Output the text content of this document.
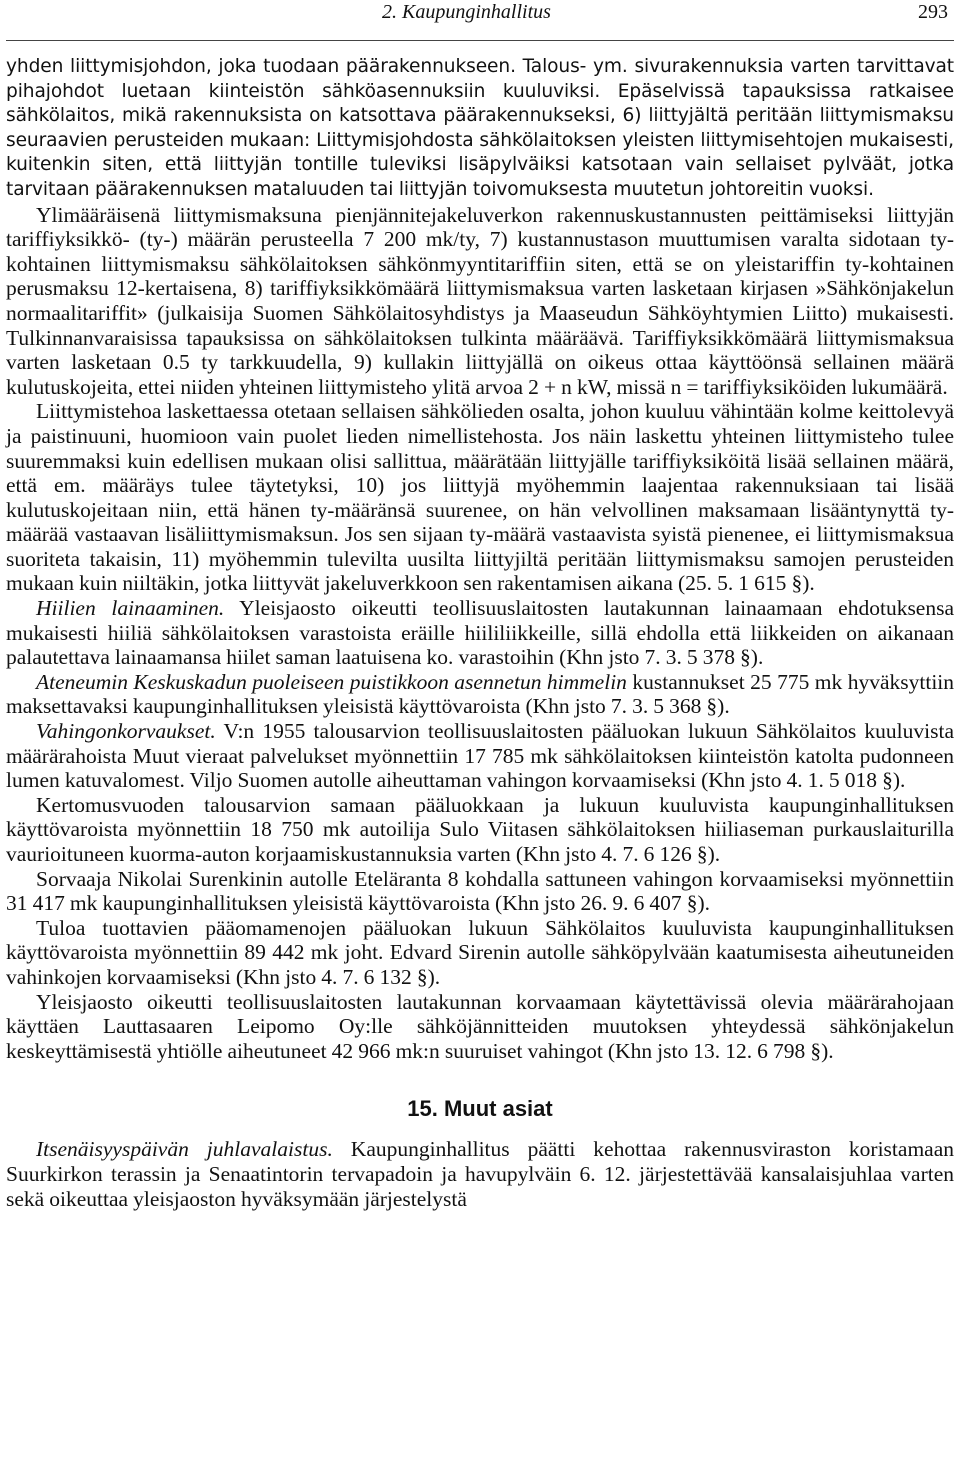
2. Kaupunginhallitus	293

yhden liittymisjohdon, joka tuodaan päärakennukseen. Talous- ym. sivurakennuksia varten tarvittavat pihajohdot luetaan kiinteistön sähköasennuksiin kuuluviksi. Epäselvissä tapauksissa ratkaisee sähkölaitos, mikä rakennuksista on katsottava päärakennukseksi, 6) liittyjältä peritään liittymismaksu seuraavien perusteiden mukaan: Liittymisjohdosta sähkölaitoksen yleisten liittymisehtojen mukaisesti, kuitenkin siten, että liittyjän tontille tuleviksi lisäpylväiksi katsotaan vain sellaiset pylväät, jotka tarvitaan päärakennuksen mataluuden tai liittyjän toivomuksesta muutetun johtoreitin vuoksi.

Ylimääräisenä liittymismaksuna pienjännitejakeluverkon rakennuskustannusten peittämiseksi liittyjän tariffiyksikkö- (ty-) määrän perusteella 7 200 mk/ty, 7) kustannustason muuttumisen varalta sidotaan ty-kohtainen liittymismaksu sähkölaitoksen sähkönmyyntitariffiin siten, että se on yleistariffin ty-kohtainen perusmaksu 12-kertaisena, 8) tariffiyksikkömäärä liittymismaksua varten lasketaan kirjasen »Sähkönjakelun normaalitariffit» (julkaisija Suomen Sähkölaitosyhdistys ja Maaseudun Sähköyhtymien Liitto) mukaisesti. Tulkinnanvaraisissa tapauksissa on sähkölaitoksen tulkinta määräävä. Tariffiyksikkömäärä liittymismaksua varten lasketaan 0.5 ty tarkkuudella, 9) kullakin liittyjällä on oikeus ottaa käyttöönsä sellainen määrä kulutuskojeita, ettei niiden yhteinen liittymisteho ylitä arvoa 2 + n kW, missä n = tariffiyksiköiden lukumäärä.

Liittymistehoa laskettaessa otetaan sellaisen sähkölieden osalta, johon kuuluu vähintään kolme keittolevyä ja paistinuuni, huomioon vain puolet lieden nimellistehosta. Jos näin laskettu yhteinen liittymisteho tulee suuremmaksi kuin edellisen mukaan olisi sallittua, määrätään liittyjälle tariffiyksiköitä lisää sellainen määrä, että em. määräys tulee täytetyksi, 10) jos liittyjä myöhemmin laajentaa rakennuksiaan tai lisää kulutuskojeitaan niin, että hänen ty-määränsä suurenee, on hän velvollinen maksamaan lisääntynyttä ty-määrää vastaavan lisäliittymismaksun. Jos sen sijaan ty-määrä vastaavista syistä pienenee, ei liittymismaksua suoriteta takaisin, 11) myöhemmin tulevilta uusilta liittyjiltä peritään liittymismaksu samojen perusteiden mukaan kuin niiltäkin, jotka liittyvät jakeluverkkoon sen rakentamisen aikana (25. 5. 1 615 §).

Hiilien lainaaminen. Yleisjaosto oikeutti teollisuuslaitosten lautakunnan lainaamaan ehdotuksensa mukaisesti hiiliä sähkölaitoksen varastoista eräille hiililiikkeille, sillä ehdolla että liikkeiden on aikanaan palautettava lainaamansa hiilet saman laatuisena ko. varastoihin (Khn jsto 7. 3. 5 378 §).

Ateneumin Keskuskadun puoleiseen puistikkoon asennetun himmelin kustannukset 25 775 mk hyväksyttiin maksettavaksi kaupunginhallituksen yleisistä käyttövaroista (Khn jsto 7. 3. 5 368 §).

Vahingonkorvaukset. V:n 1955 talousarvion teollisuuslaitosten pääluokan lukuun Sähkölaitos kuuluvista määrärahoista Muut vieraat palvelukset myönnettiin 17 785 mk sähkölaitoksen kiinteistön katolta pudonneen lumen katuvalomest. Viljo Suomen autolle aiheuttaman vahingon korvaamiseksi (Khn jsto 4. 1. 5 018 §).

Kertomusvuoden talousarvion samaan pääluokkaan ja lukuun kuuluvista kaupunginhallituksen käyttövaroista myönnettiin 18 750 mk autoilija Sulo Viitasen sähkölaitoksen hiiliaseman purkauslaiturilla vaurioituneen kuorma-auton korjaamiskustannuksia varten (Khn jsto 4. 7. 6 126 §).

Sorvaaja Nikolai Surenkinin autolle Eteläranta 8 kohdalla sattuneen vahingon korvaamiseksi myönnettiin 31 417 mk kaupunginhallituksen yleisistä käyttövaroista (Khn jsto 26. 9. 6 407 §).

Tuloa tuottavien pääomamenojen pääluokan lukuun Sähkölaitos kuuluvista kaupunginhallituksen käyttövaroista myönnettiin 89 442 mk joht. Edvard Sirenin autolle sähköpylvään kaatumisesta aiheutuneiden vahinkojen korvaamiseksi (Khn jsto 4. 7. 6 132 §).

Yleisjaosto oikeutti teollisuuslaitosten lautakunnan korvaamaan käytettävissä olevia määrärahojaan käyttäen Lauttasaaren Leipomo Oy:lle sähköjännitteiden muutoksen yhteydessä sähkönjakelun keskeyttämisestä yhtiölle aiheutuneet 42 966 mk:n suuruiset vahingot (Khn jsto 13. 12. 6 798 §).

15. Muut asiat

Itsenäisyyspäivän juhlavalaistus. Kaupunginhallitus päätti kehottaa rakennusviraston koristamaan Suurkirkon terassin ja Senaatintorin tervapadoin ja havupylväin 6. 12. järjestettävää kansalaisjuhlaa varten sekä oikeuttaa yleisjaoston hyväksymään järjestelystä
